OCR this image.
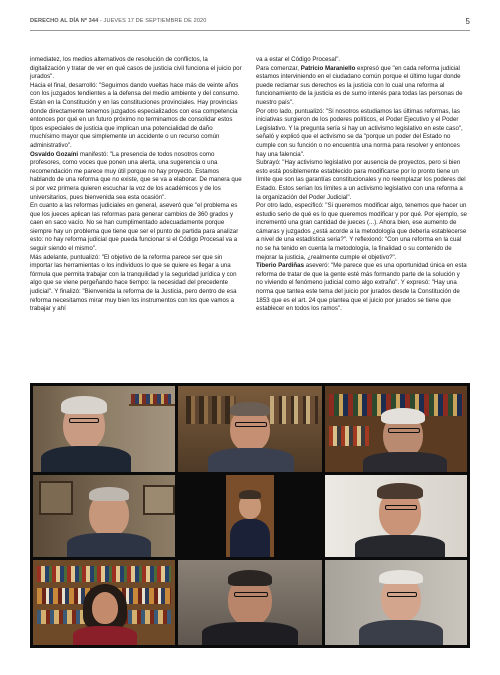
DERECHO AL DÍA Nº 344 - JUEVES 17 DE SEPTIEMBRE DE 2020	5

inmediatez, los medios alternativos de resolución de conflictos, la digitalización y tratar de ver en qué casos de justicia civil funciona el juicio por jurados".

Hacia el final, desarrolló: "Seguimos dando vueltas hace más de veinte años con los juzgados tendientes a la defensa del medio ambiente y del consumo. Están en la Constitución y en las constituciones provinciales. Hay provincias donde directamente tenemos juzgados especializados con esa competencia entonces por qué en un futuro próximo no terminamos de consolidar estos tipos especiales de justicia que implican una potencialidad de daño muchísimo mayor que simplemente un accidente o un recurso común administrativo".

Osvaldo Gozaíni manifestó: "La presencia de todos nosotros como profesores, como voces que ponen una alerta, una sugerencia o una recomendación me parece muy útil porque no hay proyecto. Estamos hablando de una reforma que no existe, que se va a elaborar. De manera que si por vez primera quieren escuchar la voz de los académicos y de los universitarios, pues bienvenida sea esta ocasión".

En cuanto a las reformas judiciales en general, aseveró que "el problema es que los jueces aplican las reformas para generar cambios de 360 grados y caen en saco vacío. No se han cumplimentado adecuadamente porque siempre hay un problema que tiene que ser el punto de partida para analizar esto: no hay reforma judicial que pueda funcionar si el Código Procesal va a seguir siendo el mismo".

Más adelante, puntualizó: "El objetivo de la reforma parece ser que sin importar las herramientas o los individuos lo que se quiere es llegar a una fórmula que permita trabajar con la tranquilidad y la seguridad jurídica y con algo que se viene pergeñando hace tiempo: la necesidad del precedente judicial". Y finalizó: "Bienvenida la reforma de la Justicia, pero dentro de esa reforma necesitamos mirar muy bien los instrumentos con los que vamos a trabajar y ahí

va a estar el Código Procesal".

Para comenzar, Patricio Maraniello expresó que "en cada reforma judicial estamos interviniendo en el ciudadano común porque el último lugar donde puede reclamar sus derechos es la justicia con lo cual una reforma al funcionamiento de la justicia es de sumo interés para todas las personas de nuestro país".

Por otro lado, puntualizó: "Si nosotros estudiamos las últimas reformas, las iniciativas surgieron de los poderes políticos, el Poder Ejecutivo y el Poder Legislativo. Y la pregunta sería si hay un activismo legislativo en este caso", señaló y explicó que el activismo se da "porque un poder del Estado no cumple con su función o no encuentra una norma para resolver y entonces hay una falencia".

Subrayó: "Hay activismo legislativo por ausencia de proyectos, pero si bien esto está posiblemente establecido para modificarse por lo pronto tiene un límite que son las garantías constitucionales y no reemplazar los poderes del Estado. Estos serían los límites a un activismo legislativo con una reforma a la organización del Poder Judicial".

Por otro lado, especificó: "Si queremos modificar algo, tenemos que hacer un estudio serio de qué es lo que queremos modificar y por qué. Por ejemplo, se incrementó una gran cantidad de jueces (...). Ahora bien, ese aumento de cámaras y juzgados ¿está acorde a la metodología que debería establecerse a nivel de una estadística seria?". Y reflexionó: "Con una reforma en la cual no se ha tenido en cuenta la metodología, la finalidad o su contenido de mejorar la justicia, ¿realmente cumple el objetivo?".

Tiberio Pardiñas aseveró: "Me parece que es una oportunidad única en esta reforma de tratar de que la gente esté más formando parte de la solución y no viviendo el fenómeno judicial como algo extraño". Y expresó: "Hay una norma que tantea este tema del juicio por jurados desde la Constitución de 1853 que es el art. 24 que plantea que el juicio por jurados se tiene que establecer en todos los ramos".
